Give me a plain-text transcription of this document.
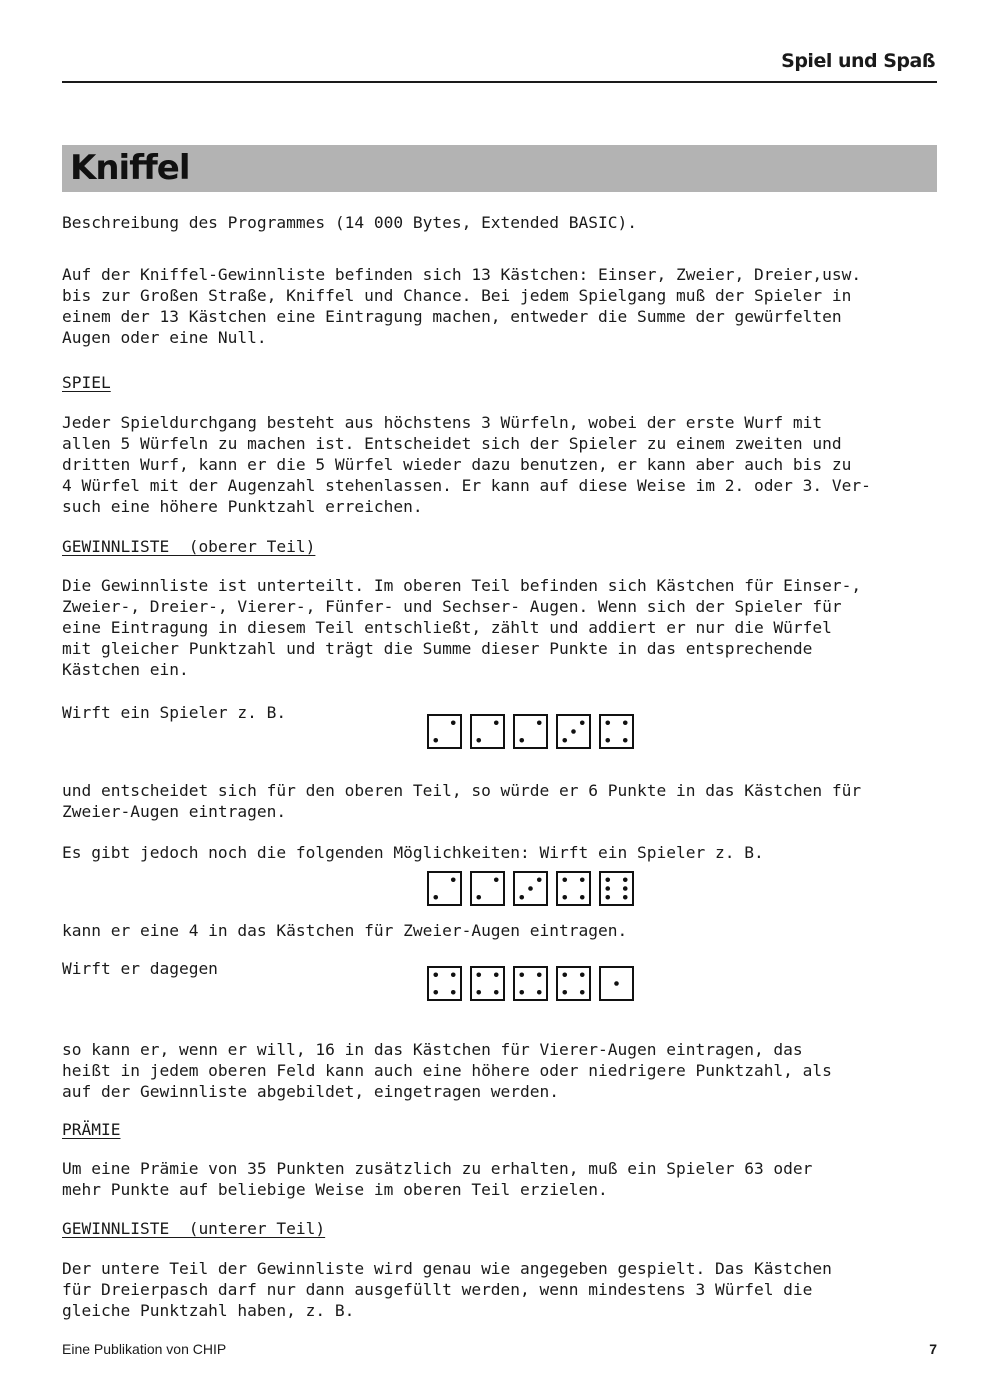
Spiel und Spaß
Kniffel
Beschreibung des Programmes (14 000 Bytes, Extended BASIC).
Auf der Kniffel-Gewinnliste befinden sich 13 Kästchen: Einser, Zweier, Dreier,usw.
bis zur Großen Straße, Kniffel und Chance. Bei jedem Spielgang muß der Spieler in
einem der 13 Kästchen eine Eintragung machen, entweder die Summe der gewürfelten
Augen oder eine Null.
SPIEL
Jeder Spieldurchgang besteht aus höchstens 3 Würfeln, wobei der erste Wurf mit
allen 5 Würfeln zu machen ist. Entscheidet sich der Spieler zu einem zweiten und
dritten Wurf, kann er die 5 Würfel wieder dazu benutzen, er kann aber auch bis zu
4 Würfel mit der Augenzahl stehenlassen. Er kann auf diese Weise im 2. oder 3. Ver-
such eine höhere Punktzahl erreichen.
GEWINNLISTE  (oberer Teil)
Die Gewinnliste ist unterteilt. Im oberen Teil befinden sich Kästchen für Einser-,
Zweier-, Dreier-, Vierer-, Fünfer- und Sechser- Augen. Wenn sich der Spieler für
eine Eintragung in diesem Teil entschließt, zählt und addiert er nur die Würfel
mit gleicher Punktzahl und trägt die Summe dieser Punkte in das entsprechende
Kästchen ein.
Wirft ein Spieler z. B.
und entscheidet sich für den oberen Teil, so würde er 6 Punkte in das Kästchen für
Zweier-Augen eintragen.
Es gibt jedoch noch die folgenden Möglichkeiten: Wirft ein Spieler z. B.
kann er eine 4 in das Kästchen für Zweier-Augen eintragen.
Wirft er dagegen
so kann er, wenn er will, 16 in das Kästchen für Vierer-Augen eintragen, das
heißt in jedem oberen Feld kann auch eine höhere oder niedrigere Punktzahl, als
auf der Gewinnliste abgebildet, eingetragen werden.
PRÄMIE
Um eine Prämie von 35 Punkten zusätzlich zu erhalten, muß ein Spieler 63 oder
mehr Punkte auf beliebige Weise im oberen Teil erzielen.
GEWINNLISTE  (unterer Teil)
Der untere Teil der Gewinnliste wird genau wie angegeben gespielt. Das Kästchen
für Dreierpasch darf nur dann ausgefüllt werden, wenn mindestens 3 Würfel die
gleiche Punktzahl haben, z. B.
Eine Publikation von CHIP	7
